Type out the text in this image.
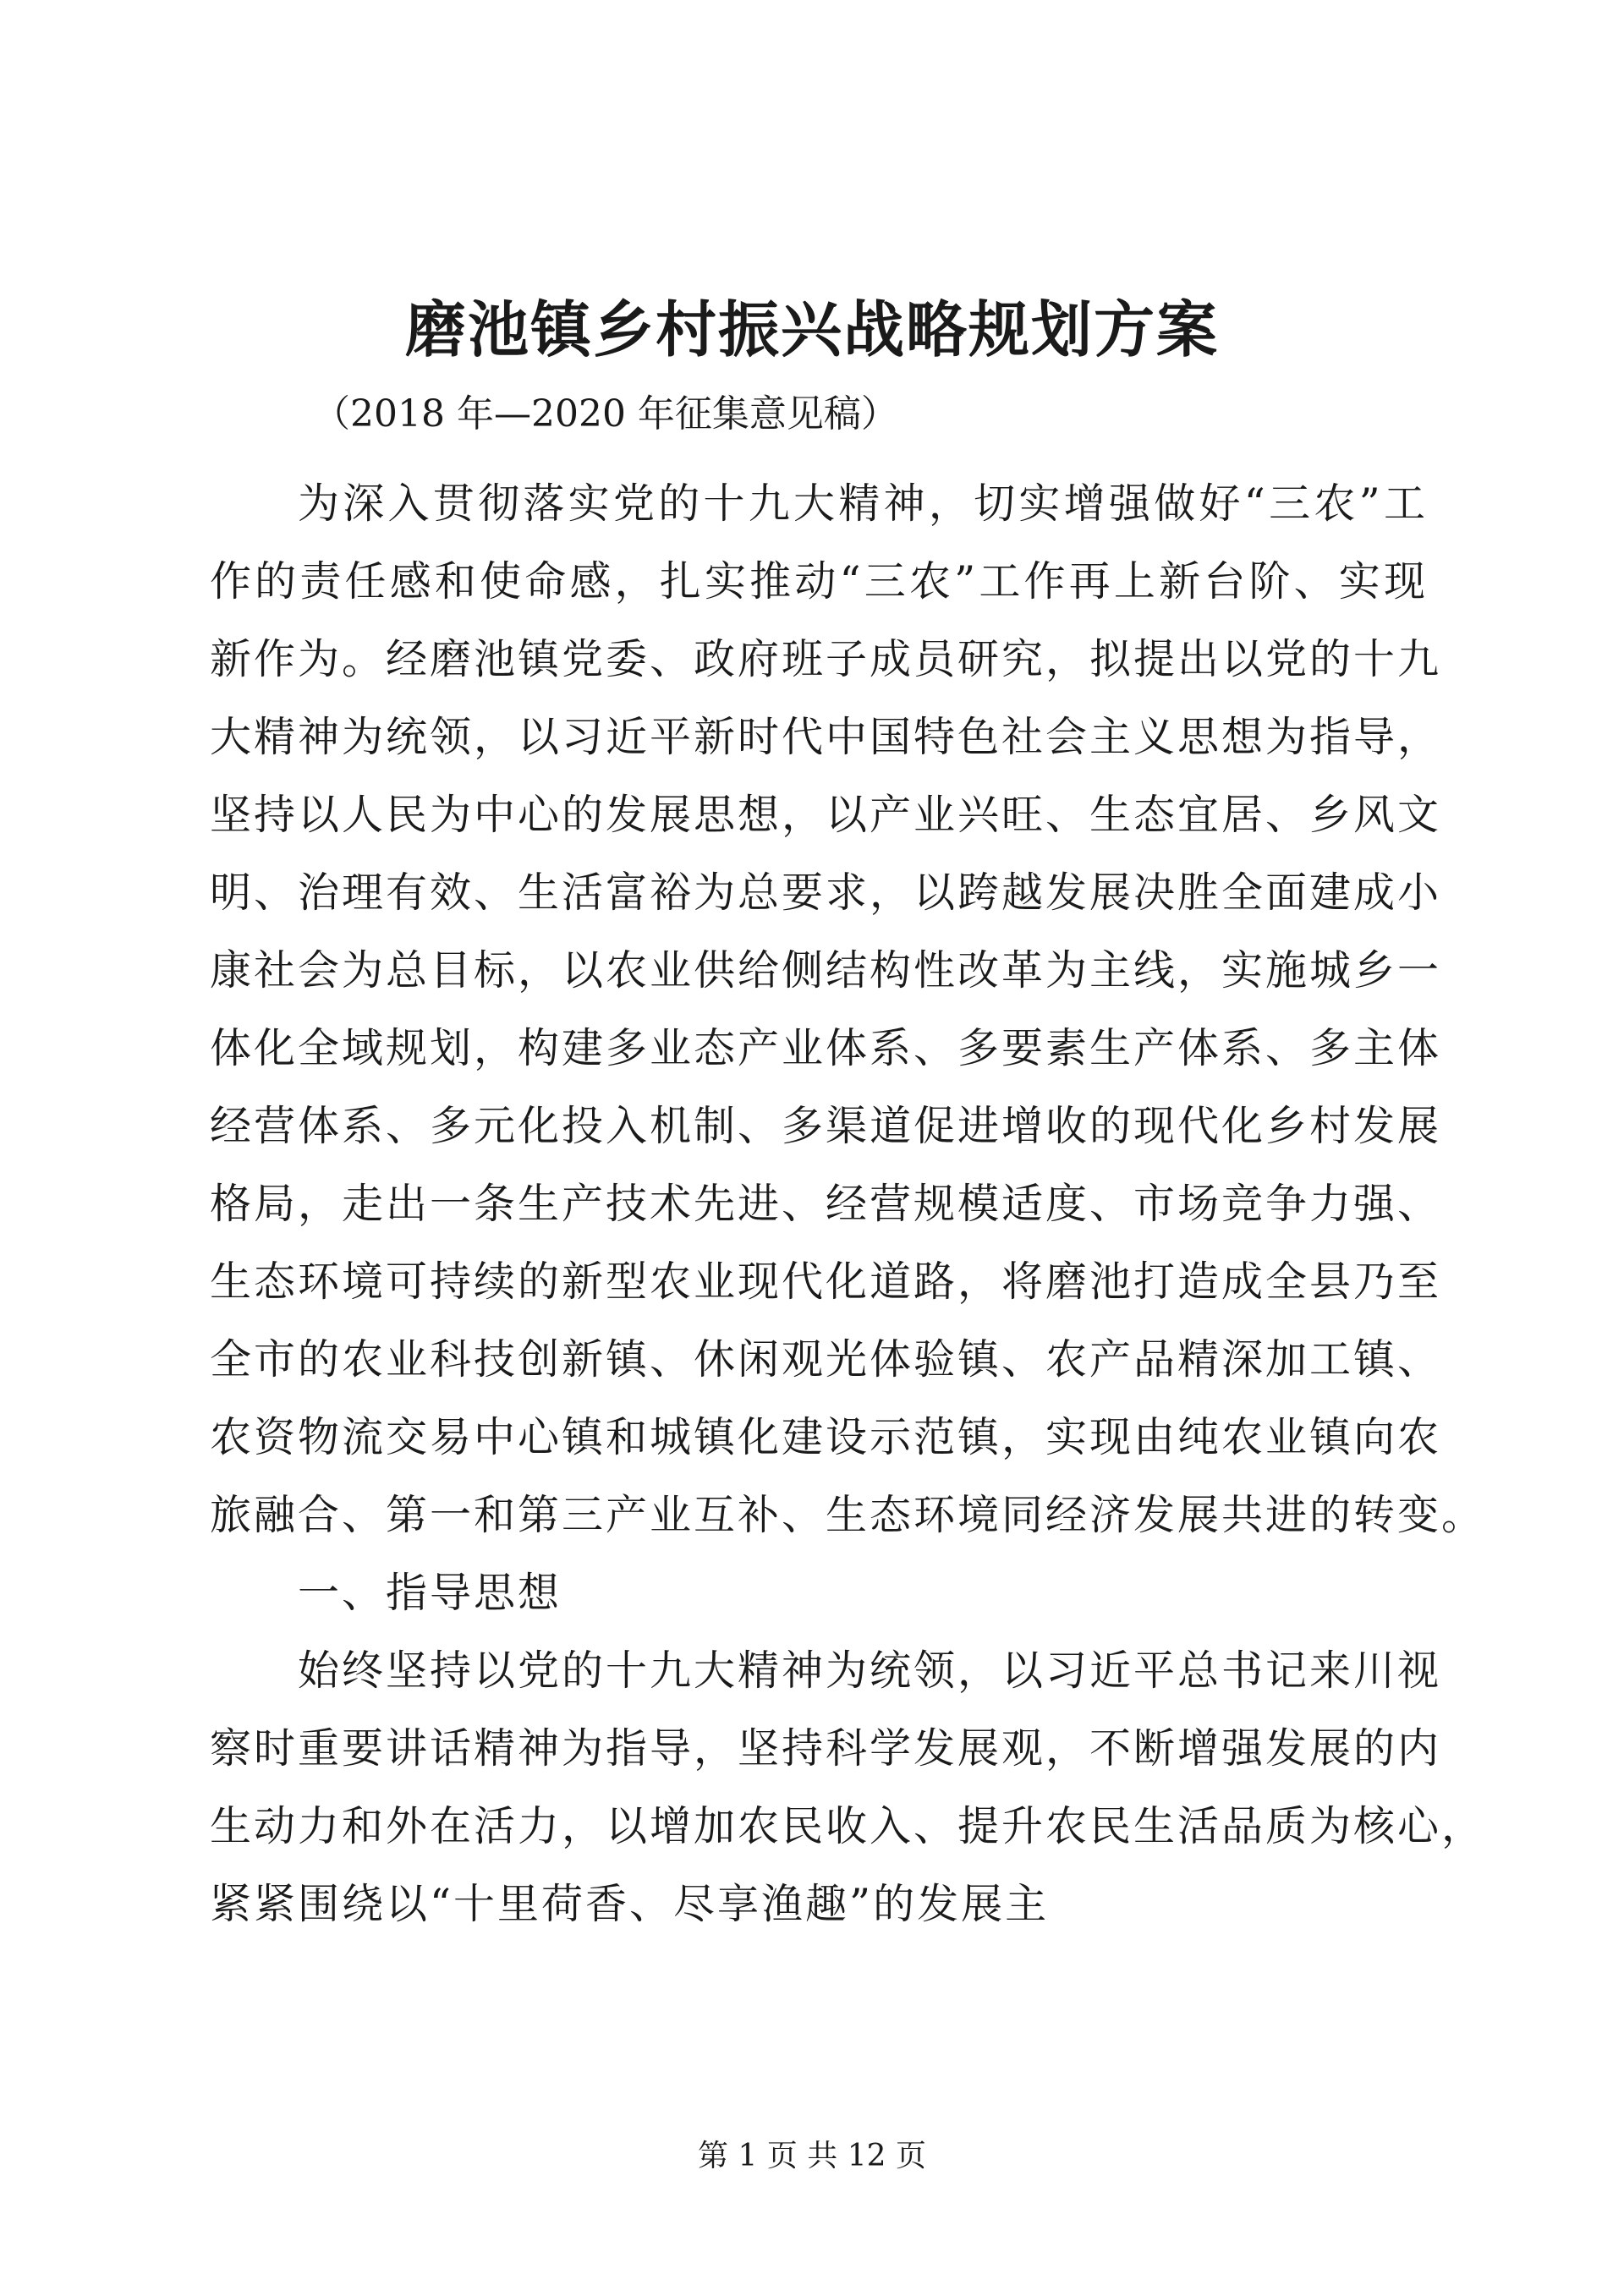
磨池镇乡村振兴战略规划方案

（2018 年—2020 年征集意见稿）

为深入贯彻落实党的十九大精神，切实增强做好“三农”工
作的责任感和使命感，扎实推动“三农”工作再上新台阶、实现
新作为。经磨池镇党委、政府班子成员研究，拟提出以党的十九
大精神为统领，以习近平新时代中国特色社会主义思想为指导，
坚持以人民为中心的发展思想，以产业兴旺、生态宜居、乡风文
明、治理有效、生活富裕为总要求，以跨越发展决胜全面建成小
康社会为总目标，以农业供给侧结构性改革为主线，实施城乡一
体化全域规划，构建多业态产业体系、多要素生产体系、多主体
经营体系、多元化投入机制、多渠道促进增收的现代化乡村发展
格局，走出一条生产技术先进、经营规模适度、市场竞争力强、
生态环境可持续的新型农业现代化道路，将磨池打造成全县乃至
全市的农业科技创新镇、休闲观光体验镇、农产品精深加工镇、
农资物流交易中心镇和城镇化建设示范镇，实现由纯农业镇向农
旅融合、第一和第三产业互补、生态环境同经济发展共进的转变。
一、指导思想
始终坚持以党的十九大精神为统领，以习近平总书记来川视
察时重要讲话精神为指导，坚持科学发展观，不断增强发展的内
生动力和外在活力，以增加农民收入、提升农民生活品质为核心，
紧紧围绕以“十里荷香、尽享渔趣”的发展主
第 1 页 共 12 页
